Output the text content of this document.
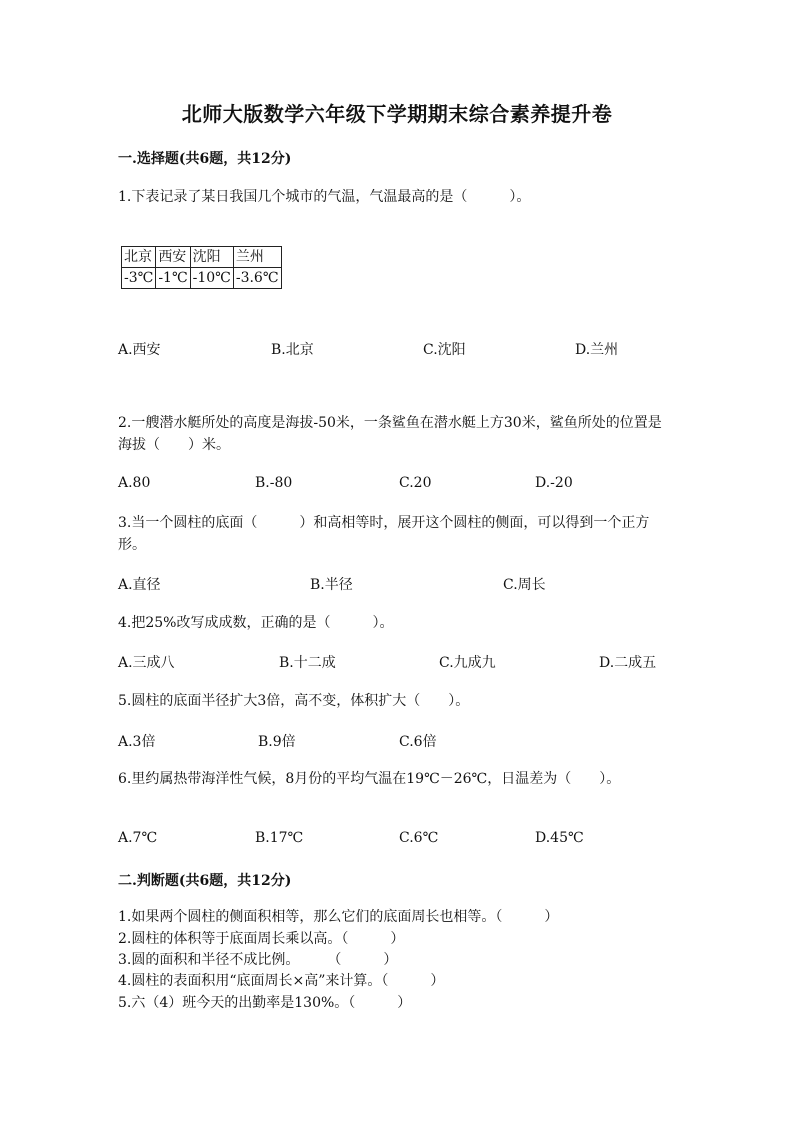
北师大版数学六年级下学期期末综合素养提升卷
一.选择题(共6题，共12分)
1.下表记录了某日我国几个城市的气温，气温最高的是（　　　）。
北京	西安	沈阳	兰州
-3℃	-1℃	-10℃	-3.6℃
A.西安	B.北京	C.沈阳	D.兰州
2.一艘潜水艇所处的高度是海拔-50米，一条鲨鱼在潜水艇上方30米，鲨鱼所处的位置是海拔（　　）米。
A.80	B.-80	C.20	D.-20
3.当一个圆柱的底面（　　　）和高相等时，展开这个圆柱的侧面，可以得到一个正方形。
A.直径	B.半径	C.周长
4.把25%改写成成数，正确的是（　　　）。
A.三成八	B.十二成	C.九成九	D.二成五
5.圆柱的底面半径扩大3倍，高不变，体积扩大（　　）。
A.3倍	B.9倍	C.6倍
6.里约属热带海洋性气候，8月份的平均气温在19℃－26℃，日温差为（　　）。
A.7℃	B.17℃	C.6℃	D.45℃
二.判断题(共6题，共12分)
1.如果两个圆柱的侧面积相等，那么它们的底面周长也相等。（　　　）
2.圆柱的体积等于底面周长乘以高。（　　　）
3.圆的面积和半径不成比例。　　　（　　　）
4.圆柱的表面积用“底面周长×高”来计算。（　　　）
5.六（4）班今天的出勤率是130%。（　　　）
